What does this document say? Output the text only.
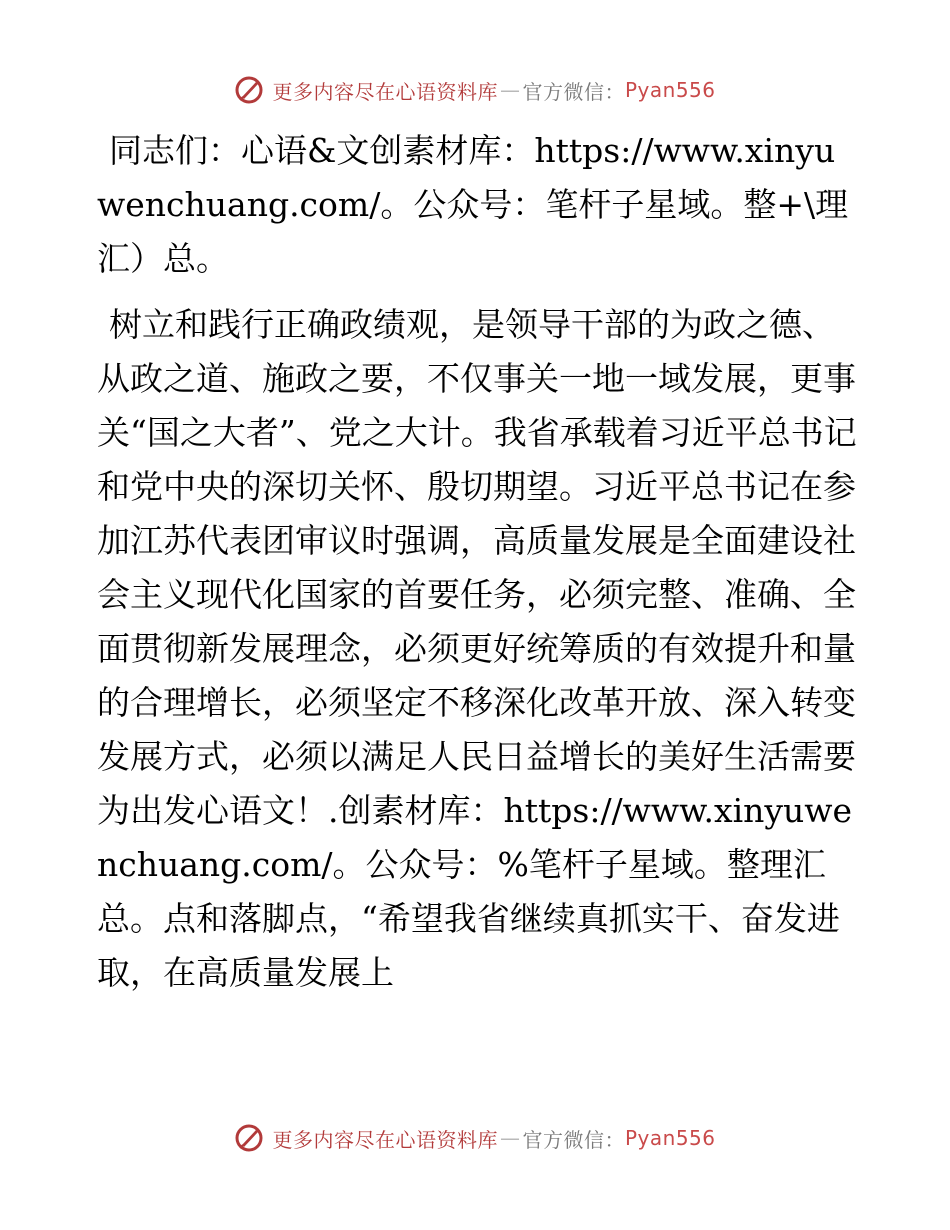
更多内容尽在心语资料库 — 官方微信： Pyan556

同志们：心语&文创素材库：https://www.xinyuwenchuang.com/。公众号：笔杆子星域。整+\理汇）总。

树立和践行正确政绩观，是领导干部的为政之德、从政之道、施政之要，不仅事关一地一域发展，更事关“国之大者”、党之大计。我省承载着习近平总书记和党中央的深切关怀、殷切期望。习近平总书记在参加江苏代表团审议时强调，高质量发展是全面建设社会主义现代化国家的首要任务，必须完整、准确、全面贯彻新发展理念，必须更好统筹质的有效提升和量的合理增长，必须坚定不移深化改革开放、深入转变发展方式，必须以满足人民日益增长的美好生活需要为出发心语文！.创素材库：https://www.xinyuwenchuang.com/。公众号：%笔杆子星域。整理汇总。点和落脚点，“希望我省继续真抓实干、奋发进取，在高质量发展上

更多内容尽在心语资料库 — 官方微信： Pyan556
